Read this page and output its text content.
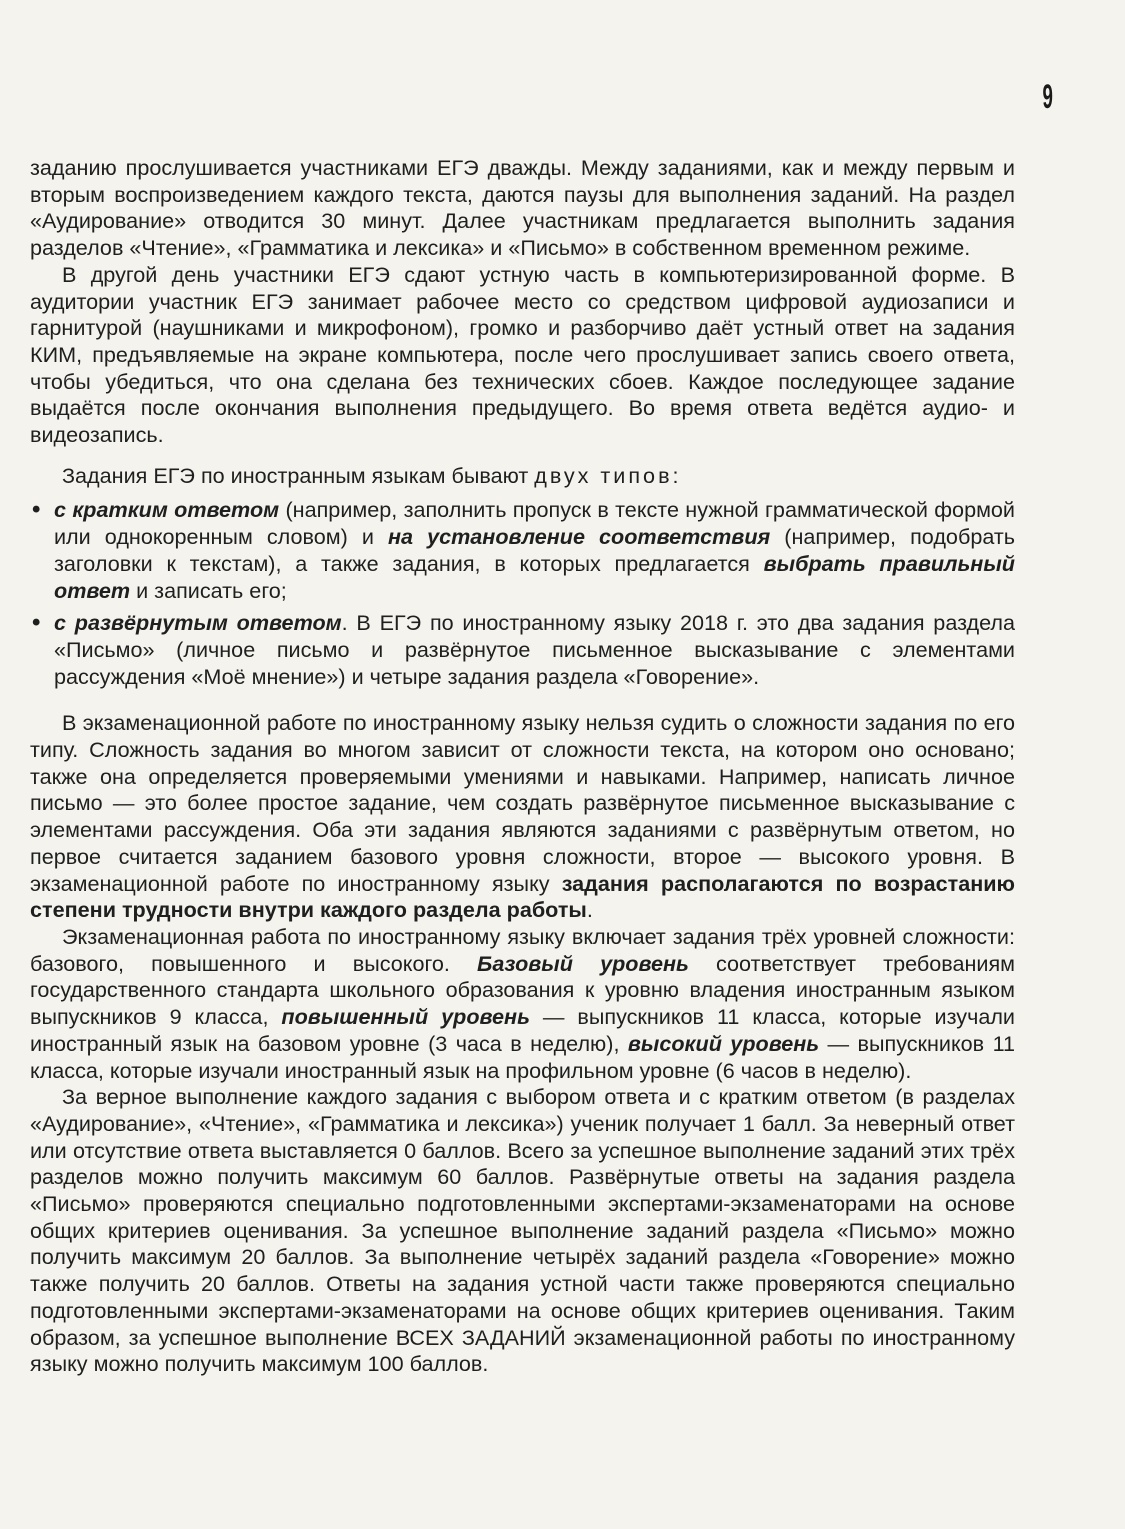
9

заданию прослушивается участниками ЕГЭ дважды. Между заданиями, как и между первым и вторым воспроизведением каждого текста, даются паузы для выполнения заданий. На раздел «Аудирование» отводится 30 минут. Далее участникам предлагается выполнить задания разделов «Чтение», «Грамматика и лексика» и «Письмо» в собственном временном режиме.

В другой день участники ЕГЭ сдают устную часть в компьютеризированной форме. В аудитории участник ЕГЭ занимает рабочее место со средством цифровой аудиозаписи и гарнитурой (наушниками и микрофоном), громко и разборчиво даёт устный ответ на задания КИМ, предъявляемые на экране компьютера, после чего прослушивает запись своего ответа, чтобы убедиться, что она сделана без технических сбоев. Каждое последующее задание выдаётся после окончания выполнения предыдущего. Во время ответа ведётся аудио- и видеозапись.

Задания ЕГЭ по иностранным языкам бывают двух типов:

• с кратким ответом (например, заполнить пропуск в тексте нужной грамматической формой или однокоренным словом) и на установление соответствия (например, подобрать заголовки к текстам), а также задания, в которых предлагается выбрать правильный ответ и записать его;
• с развёрнутым ответом. В ЕГЭ по иностранному языку 2018 г. это два задания раздела «Письмо» (личное письмо и развёрнутое письменное высказывание с элементами рассуждения «Моё мнение») и четыре задания раздела «Говорение».

В экзаменационной работе по иностранному языку нельзя судить о сложности задания по его типу. Сложность задания во многом зависит от сложности текста, на котором оно основано; также она определяется проверяемыми умениями и навыками. Например, написать личное письмо — это более простое задание, чем создать развёрнутое письменное высказывание с элементами рассуждения. Оба эти задания являются заданиями с развёрнутым ответом, но первое считается заданием базового уровня сложности, второе — высокого уровня. В экзаменационной работе по иностранному языку задания располагаются по возрастанию степени трудности внутри каждого раздела работы.

Экзаменационная работа по иностранному языку включает задания трёх уровней сложности: базового, повышенного и высокого. Базовый уровень соответствует требованиям государственного стандарта школьного образования к уровню владения иностранным языком выпускников 9 класса, повышенный уровень — выпускников 11 класса, которые изучали иностранный язык на базовом уровне (3 часа в неделю), высокий уровень — выпускников 11 класса, которые изучали иностранный язык на профильном уровне (6 часов в неделю).

За верное выполнение каждого задания с выбором ответа и с кратким ответом (в разделах «Аудирование», «Чтение», «Грамматика и лексика») ученик получает 1 балл. За неверный ответ или отсутствие ответа выставляется 0 баллов. Всего за успешное выполнение заданий этих трёх разделов можно получить максимум 60 баллов. Развёрнутые ответы на задания раздела «Письмо» проверяются специально подготовленными экспертами-экзаменаторами на основе общих критериев оценивания. За успешное выполнение заданий раздела «Письмо» можно получить максимум 20 баллов. За выполнение четырёх заданий раздела «Говорение» можно также получить 20 баллов. Ответы на задания устной части также проверяются специально подготовленными экспертами-экзаменаторами на основе общих критериев оценивания. Таким образом, за успешное выполнение ВСЕХ ЗАДАНИЙ экзаменационной работы по иностранному языку можно получить максимум 100 баллов.
